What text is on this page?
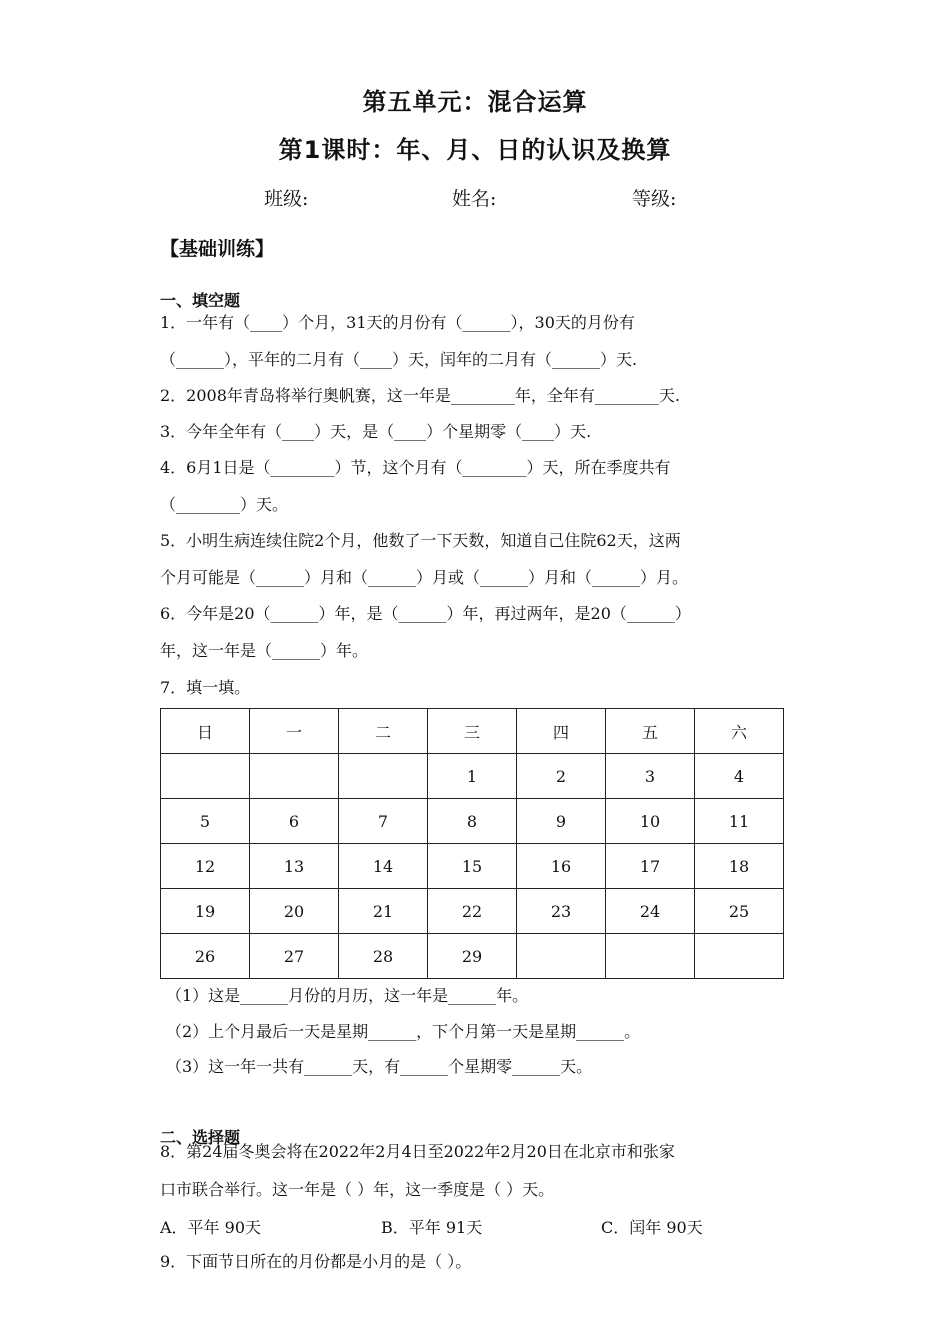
第五单元：混合运算
第1课时：年、月、日的认识及换算
班级:	姓名:	等级:
【基础训练】
一、填空题
1．一年有（____）个月，31天的月份有（______），30天的月份有
（______），平年的二月有（____）天，闰年的二月有（______）天.
2．2008年青岛将举行奥帆赛，这一年是________年，全年有________天.
3．今年全年有（____）天，是（____）个星期零（____）天.
4．6月1日是（________）节，这个月有（________）天，所在季度共有
（________）天。
5．小明生病连续住院2个月，他数了一下天数，知道自己住院62天，这两
个月可能是（______）月和（______）月或（______）月和（______）月。
6．今年是20（______）年，是（______）年，再过两年，是20（______）
年，这一年是（______）年。
7．填一填。
日	一	二	三	四	五	六
			1	2	3	4
5	6	7	8	9	10	11
12	13	14	15	16	17	18
19	20	21	22	23	24	25
26	27	28	29			
（1）这是______月份的月历，这一年是______年。
（2）上个月最后一天是星期______，下个月第一天是星期______。
（3）这一年一共有______天，有______个星期零______天。
二、选择题
8．第24届冬奥会将在2022年2月4日至2022年2月20日在北京市和张家
口市联合举行。这一年是（ ）年，这一季度是（ ）天。
A．平年 90天	B．平年 91天	C．闰年 90天
9．下面节日所在的月份都是小月的是（ ）。
